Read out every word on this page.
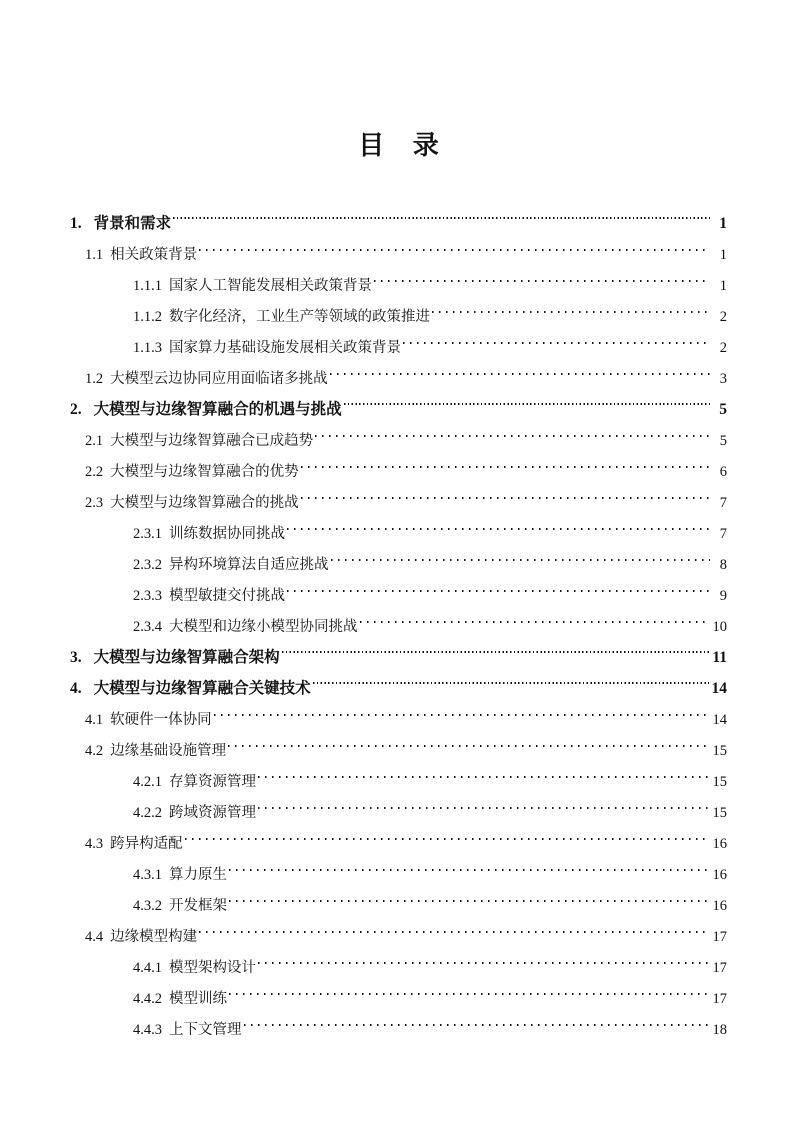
目 录
1. 背景和需求	1
1.1 相关政策背景	1
1.1.1 国家人工智能发展相关政策背景	1
1.1.2 数字化经济，工业生产等领域的政策推进	2
1.1.3 国家算力基础设施发展相关政策背景	2
1.2 大模型云边协同应用面临诸多挑战	3
2. 大模型与边缘智算融合的机遇与挑战	5
2.1 大模型与边缘智算融合已成趋势	5
2.2 大模型与边缘智算融合的优势	6
2.3 大模型与边缘智算融合的挑战	7
2.3.1 训练数据协同挑战	7
2.3.2 异构环境算法自适应挑战	8
2.3.3 模型敏捷交付挑战	9
2.3.4 大模型和边缘小模型协同挑战	10
3. 大模型与边缘智算融合架构	11
4. 大模型与边缘智算融合关键技术	14
4.1 软硬件一体协同	14
4.2 边缘基础设施管理	15
4.2.1 存算资源管理	15
4.2.2 跨域资源管理	15
4.3 跨异构适配	16
4.3.1 算力原生	16
4.3.2 开发框架	16
4.4 边缘模型构建	17
4.4.1 模型架构设计	17
4.4.2 模型训练	17
4.4.3 上下文管理	18
